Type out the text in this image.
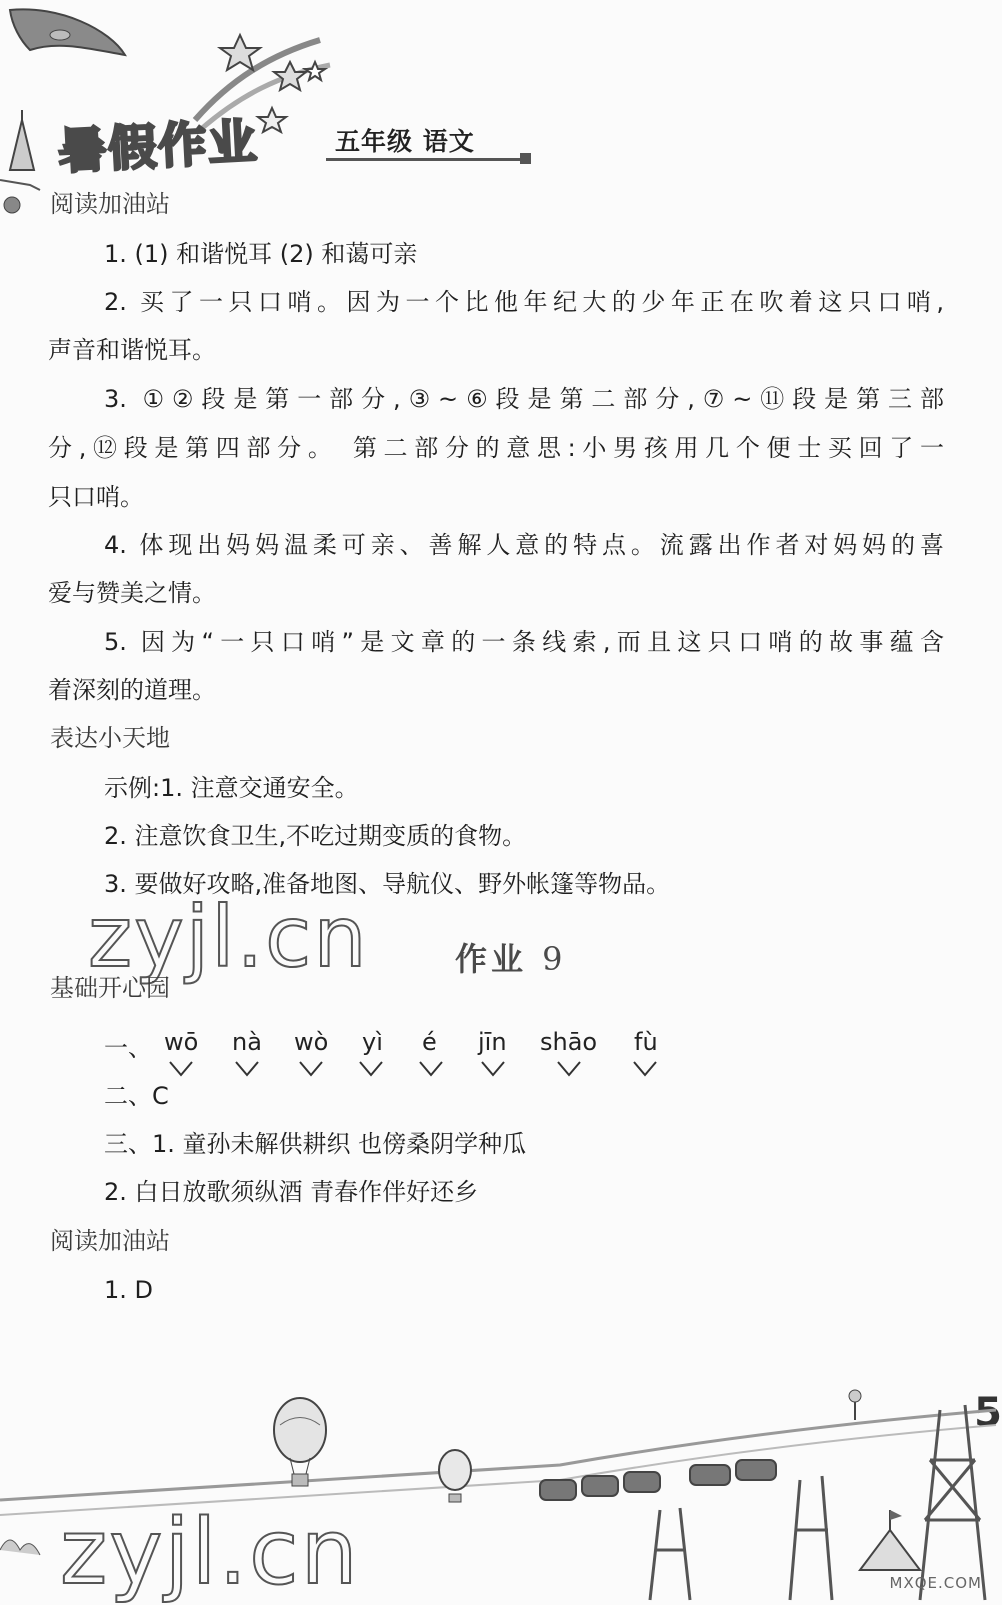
暑假作业	五年级 语文
阅读加油站
1. (1) 和谐悦耳 (2) 和蔼可亲
2. 买了一只口哨。因为一个比他年纪大的少年正在吹着这只口哨,
声音和谐悦耳。
3. ①②段是第一部分,③~⑥段是第二部分,⑦~⑪段是第三部
分,⑫段是第四部分。 第二部分的意思:小男孩用几个便士买回了一
只口哨。
4. 体现出妈妈温柔可亲、善解人意的特点。流露出作者对妈妈的喜
爱与赞美之情。
5. 因为“一只口哨”是文章的一条线索,而且这只口哨的故事蕴含
着深刻的道理。
表达小天地
示例:1. 注意交通安全。
2. 注意饮食卫生,不吃过期变质的食物。
3. 要做好攻略,准备地图、导航仪、野外帐篷等物品。
zyjl.cn	作业 9
基础开心园
一、 wō nà wò yì é jīn shāo fù
二、C
三、1. 童孙未解供耕织 也傍桑阴学种瓜
2. 白日放歌须纵酒 青春作伴好还乡
阅读加油站
1. D
5
zyjl.cn	MXQE.COM
